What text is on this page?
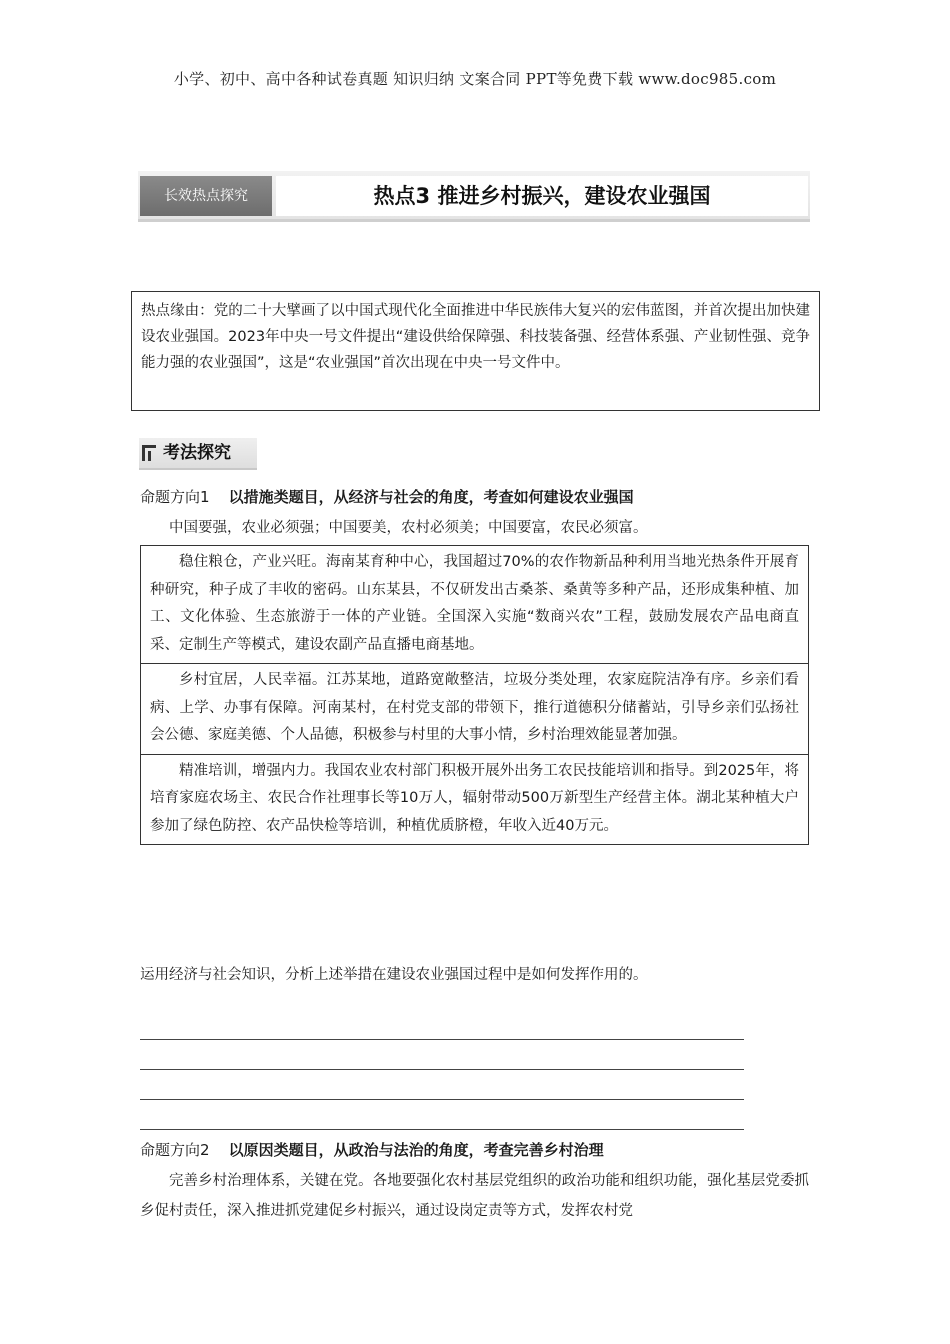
小学、初中、高中各种试卷真题 知识归纳 文案合同 PPT等免费下载 www.doc985.com
长效热点探究	热点3 推进乡村振兴，建设农业强国
热点缘由：党的二十大擘画了以中国式现代化全面推进中华民族伟大复兴的宏伟蓝图，并首次提出加快建设农业强国。2023年中央一号文件提出“建设供给保障强、科技装备强、经营体系强、产业韧性强、竞争能力强的农业强国”，这是“农业强国”首次出现在中央一号文件中。
考法探究
命题方向1 以措施类题目，从经济与社会的角度，考查如何建设农业强国
中国要强，农业必须强；中国要美，农村必须美；中国要富，农民必须富。
稳住粮仓，产业兴旺。海南某育种中心，我国超过70%的农作物新品种利用当地光热条件开展育种研究，种子成了丰收的密码。山东某县，不仅研发出古桑茶、桑黄等多种产品，还形成集种植、加工、文化体验、生态旅游于一体的产业链。全国深入实施“数商兴农”工程，鼓励发展农产品电商直采、定制生产等模式，建设农副产品直播电商基地。
乡村宜居，人民幸福。江苏某地，道路宽敞整洁，垃圾分类处理，农家庭院洁净有序。乡亲们看病、上学、办事有保障。河南某村，在村党支部的带领下，推行道德积分储蓄站，引导乡亲们弘扬社会公德、家庭美德、个人品德，积极参与村里的大事小情，乡村治理效能显著加强。
精准培训，增强内力。我国农业农村部门积极开展外出务工农民技能培训和指导。到2025年，将培育家庭农场主、农民合作社理事长等10万人，辐射带动500万新型生产经营主体。湖北某种植大户参加了绿色防控、农产品快检等培训，种植优质脐橙，年收入近40万元。
运用经济与社会知识，分析上述举措在建设农业强国过程中是如何发挥作用的。
命题方向2 以原因类题目，从政治与法治的角度，考查完善乡村治理
完善乡村治理体系，关键在党。各地要强化农村基层党组织的政治功能和组织功能，强化基层党委抓乡促村责任，深入推进抓党建促乡村振兴，通过设岗定责等方式，发挥农村党
